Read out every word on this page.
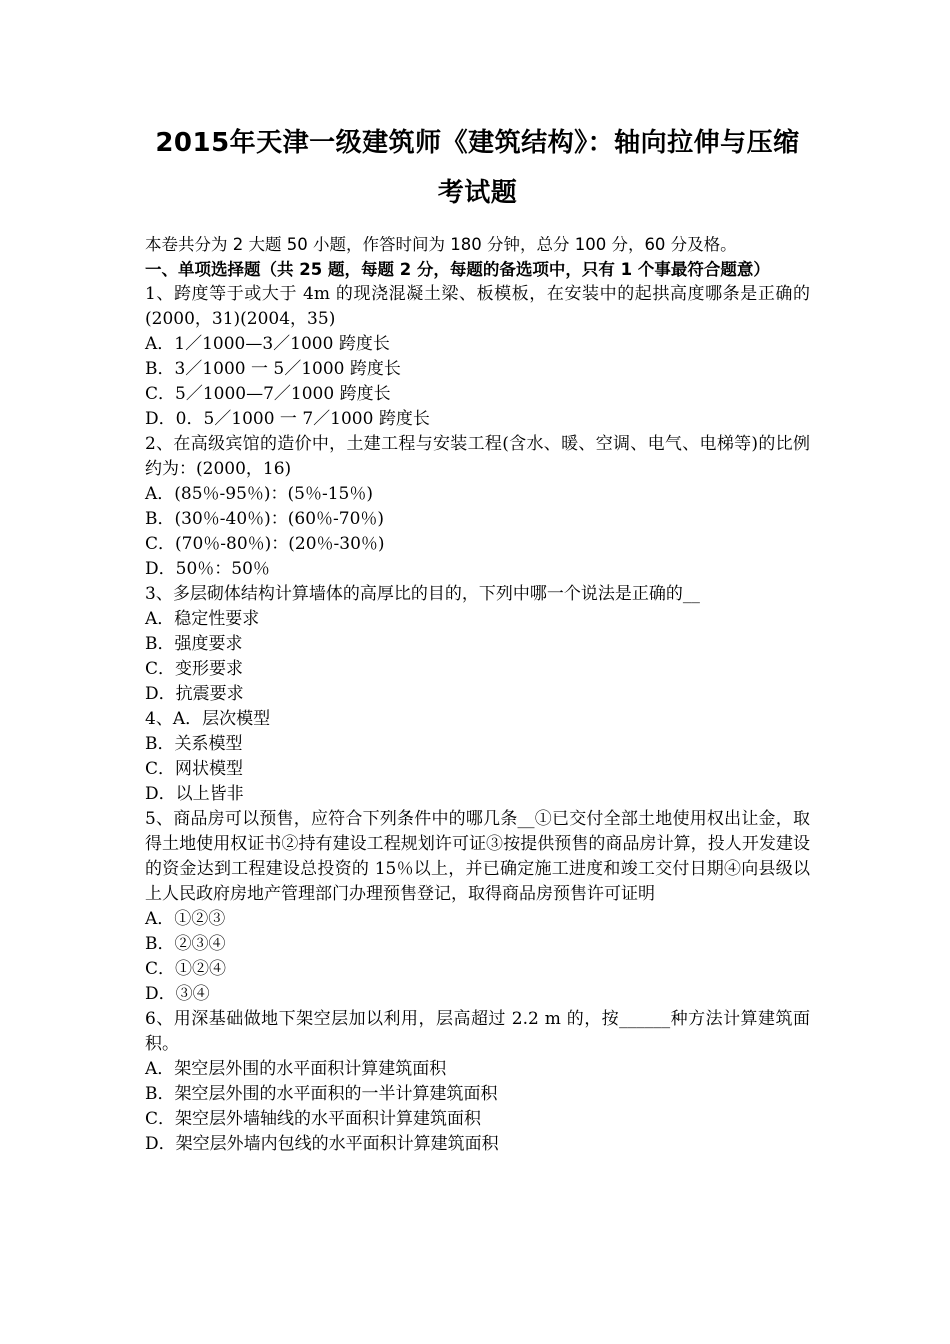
2015年天津一级建筑师《建筑结构》：轴向拉伸与压缩考试题
本卷共分为 2 大题 50 小题，作答时间为 180 分钟，总分 100 分，60 分及格。
一、单项选择题（共 25 题，每题 2 分，每题的备选项中，只有 1 个事最符合题意）
1、跨度等于或大于 4m 的现浇混凝土梁、板模板，在安装中的起拱高度哪条是正确的(2000，31)(2004，35)
A．1／1000—3／1000 跨度长
B．3／1000 一 5／1000 跨度长
C．5／1000—7／1000 跨度长
D．0．5／1000 一 7／1000 跨度长
2、在高级宾馆的造价中，土建工程与安装工程(含水、暖、空调、电气、电梯等)的比例约为：(2000，16)
A．(85％-95％)：(5％-15％)
B．(30％-40％)：(60％-70％)
C．(70％-80％)：(20％-30％)
D．50％：50％
3、多层砌体结构计算墙体的高厚比的目的，下列中哪一个说法是正确的__
A．稳定性要求
B．强度要求
C．变形要求
D．抗震要求
4、A．层次模型
B．关系模型
C．网状模型
D．以上皆非
5、商品房可以预售，应符合下列条件中的哪几条__①已交付全部土地使用权出让金，取得土地使用权证书②持有建设工程规划许可证③按提供预售的商品房计算，投人开发建设的资金达到工程建设总投资的 15％以上，并已确定施工进度和竣工交付日期④向县级以上人民政府房地产管理部门办理预售登记，取得商品房预售许可证明
A．①②③
B．②③④
C．①②④
D．③④
6、用深基础做地下架空层加以利用，层高超过 2.2 m 的，按______种方法计算建筑面积。
A．架空层外围的水平面积计算建筑面积
B．架空层外围的水平面积的一半计算建筑面积
C．架空层外墙轴线的水平面积计算建筑面积
D．架空层外墙内包线的水平面积计算建筑面积
